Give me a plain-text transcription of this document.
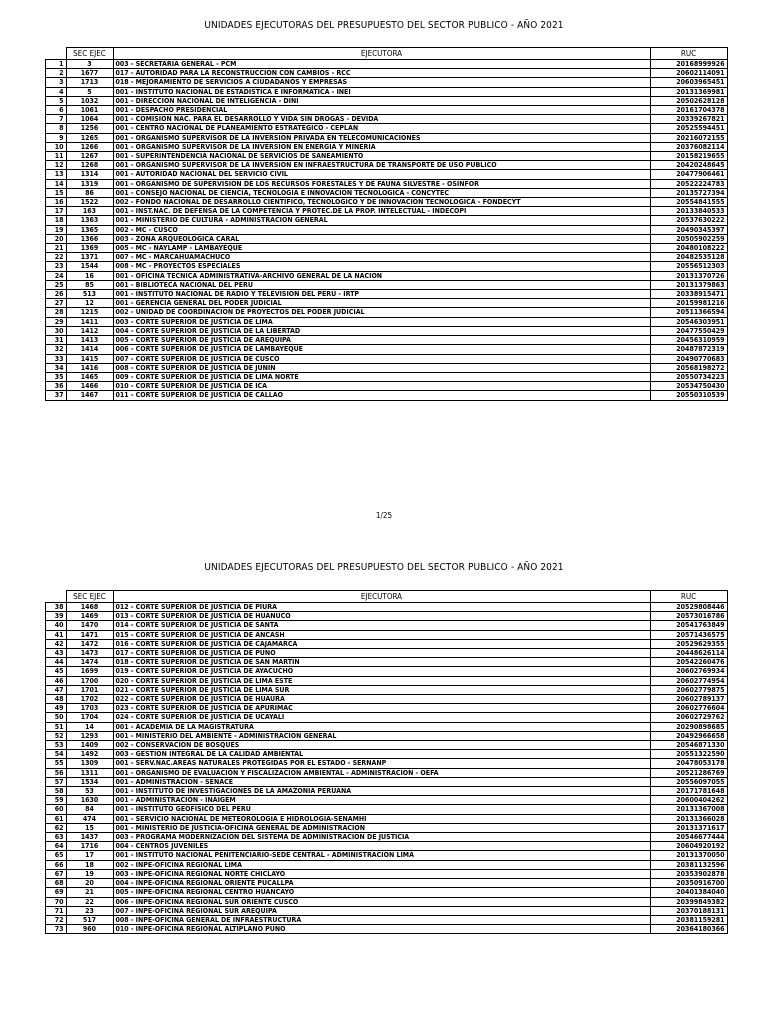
UNIDADES EJECUTORAS DEL PRESUPUESTO DEL SECTOR PUBLICO - AÑO 2021
	SEC EJEC	EJECUTORA	RUC
1	3	003 - SECRETARIA GENERAL - PCM	20168999926
2	1677	017 - AUTORIDAD PARA LA RECONSTRUCCION CON CAMBIOS - RCC	20602114091
3	1713	018 - MEJORAMIENTO DE SERVICIOS A CIUDADANOS Y EMPRESAS	20603965451
4	5	001 - INSTITUTO NACIONAL DE ESTADISTICA E INFORMATICA - INEI	20131369981
5	1032	001 - DIRECCION NACIONAL DE INTELIGENCIA - DINI	20502628128
6	1061	001 - DESPACHO PRESIDENCIAL	20161704378
7	1064	001 - COMISION NAC. PARA EL DESARROLLO Y VIDA SIN DROGAS - DEVIDA	20339267821
8	1256	001 - CENTRO NACIONAL DE PLANEAMIENTO ESTRATEGICO - CEPLAN	20525594451
9	1265	001 - ORGANISMO SUPERVISOR DE LA INVERSION PRIVADA EN TELECOMUNICACIONES	20216072155
10	1266	001 - ORGANISMO SUPERVISOR DE LA INVERSION EN ENERGIA Y MINERIA	20376082114
11	1267	001 - SUPERINTENDENCIA NACIONAL DE SERVICIOS DE SANEAMIENTO	20158219655
12	1268	001 - ORGANISMO SUPERVISOR DE LA INVERSION EN INFRAESTRUCTURA DE TRANSPORTE DE USO PUBLICO	20420248645
13	1314	001 - AUTORIDAD NACIONAL DEL SERVICIO CIVIL	20477906461
14	1319	001 - ORGANISMO DE SUPERVISION DE LOS RECURSOS FORESTALES Y DE FAUNA SILVESTRE - OSINFOR	20522224783
15	86	001 - CONSEJO NACIONAL DE CIENCIA, TECNOLOGIA E INNOVACION TECNOLOGICA - CONCYTEC	20135727394
16	1522	002 - FONDO NACIONAL DE DESARROLLO CIENTIFICO, TECNOLOGICO Y DE INNOVACION TECNOLOGICA - FONDECYT	20554841555
17	163	001 - INST.NAC. DE DEFENSA DE LA COMPETENCIA Y PROTEC.DE LA PROP. INTELECTUAL - INDECOPI	20133840533
18	1363	001 - MINISTERIO DE CULTURA - ADMINISTRACION GENERAL	20537630222
19	1365	002 - MC - CUSCO	20490345397
20	1366	003 - ZONA ARQUEOLOGICA CARAL	20505902259
21	1369	005 - MC - NAYLAMP - LAMBAYEQUE	20480108222
22	1371	007 - MC - MARCAHUAMACHUCO	20482535128
23	1544	008 - MC - PROYECTOS ESPECIALES	20556512303
24	16	001 - OFICINA TECNICA ADMINISTRATIVA-ARCHIVO GENERAL DE LA NACION	20131370726
25	85	001 - BIBLIOTECA NACIONAL DEL PERU	20131379863
26	513	001 - INSTITUTO NACIONAL DE RADIO Y TELEVISION DEL PERU - IRTP	20338915471
27	12	001 - GERENCIA GENERAL DEL PODER JUDICIAL	20159981216
28	1215	002 - UNIDAD DE COORDINACION DE PROYECTOS DEL PODER JUDICIAL	20511366594
29	1411	003 - CORTE SUPERIOR DE JUSTICIA DE LIMA	20546303951
30	1412	004 - CORTE SUPERIOR DE JUSTICIA DE LA LIBERTAD	20477550429
31	1413	005 - CORTE SUPERIOR DE JUSTICIA DE AREQUIPA	20456310959
32	1414	006 - CORTE SUPERIOR DE JUSTICIA DE LAMBAYEQUE	20487872319
33	1415	007 - CORTE SUPERIOR DE JUSTICIA DE CUSCO	20490770683
34	1416	008 - CORTE SUPERIOR DE JUSTICIA DE JUNIN	20568198272
35	1465	009 - CORTE SUPERIOR DE JUSTICIA DE LIMA NORTE	20550734223
36	1466	010 - CORTE SUPERIOR DE JUSTICIA DE ICA	20534750430
37	1467	011 - CORTE SUPERIOR DE JUSTICIA DE CALLAO	20550310539
1/25
UNIDADES EJECUTORAS DEL PRESUPUESTO DEL SECTOR PUBLICO - AÑO 2021
	SEC EJEC	EJECUTORA	RUC
38	1468	012 - CORTE SUPERIOR DE JUSTICIA DE PIURA	20529808446
39	1469	013 - CORTE SUPERIOR DE JUSTICIA DE HUANUCO	20573016786
40	1470	014 - CORTE SUPERIOR DE JUSTICIA DE SANTA	20541763849
41	1471	015 - CORTE SUPERIOR DE JUSTICIA DE ANCASH	20571436575
42	1472	016 - CORTE SUPERIOR DE JUSTICIA DE CAJAMARCA	20529629355
43	1473	017 - CORTE SUPERIOR DE JUSTICIA DE PUNO	20448626114
44	1474	018 - CORTE SUPERIOR DE JUSTICIA DE SAN MARTIN	20542260476
45	1699	019 - CORTE SUPERIOR DE JUSTICIA DE AYACUCHO	20602769934
46	1700	020 - CORTE SUPERIOR DE JUSTICIA DE LIMA ESTE	20602774954
47	1701	021 - CORTE SUPERIOR DE JUSTICIA DE LIMA SUR	20602779875
48	1702	022 - CORTE SUPERIOR DE JUSTICIA DE HUAURA	20602789137
49	1703	023 - CORTE SUPERIOR DE JUSTICIA DE APURIMAC	20602776604
50	1704	024 - CORTE SUPERIOR DE JUSTICIA DE UCAYALI	20602729762
51	14	001 - ACADEMIA DE LA MAGISTRATURA	20290898685
52	1293	001 - MINISTERIO DEL AMBIENTE - ADMINISTRACION GENERAL	20492966658
53	1409	002 - CONSERVACION DE BOSQUES	20546871330
54	1492	003 - GESTION INTEGRAL DE LA CALIDAD AMBIENTAL	20551322590
55	1309	001 - SERV.NAC.AREAS NATURALES PROTEGIDAS POR EL ESTADO - SERNANP	20478053178
56	1311	001 - ORGANISMO DE EVALUACION Y FISCALIZACION AMBIENTAL - ADMINISTRACION - OEFA	20521286769
57	1534	001 - ADMINISTRACION - SENACE	20556097055
58	53	001 - INSTITUTO DE INVESTIGACIONES DE LA AMAZONIA PERUANA	20171781648
59	1630	001 - ADMINISTRACION - INAIGEM	20600404262
60	84	001 - INSTITUTO GEOFISICO DEL PERU	20131367008
61	474	001 - SERVICIO NACIONAL DE METEOROLOGIA E HIDROLOGIA-SENAMHI	20131366028
62	15	001 - MINISTERIO DE JUSTICIA-OFICINA GENERAL DE ADMINISTRACION	20131371617
63	1437	003 - PROGRAMA MODERNIZACION DEL SISTEMA DE ADMINISTRACION DE JUSTICIA	20546677444
64	1716	004 - CENTROS JUVENILES	20604920192
65	17	001 - INSTITUTO NACIONAL PENITENCIARIO-SEDE CENTRAL - ADMINISTRACION LIMA	20131370050
66	18	002 - INPE-OFICINA REGIONAL LIMA	20381132596
67	19	003 - INPE-OFICINA REGIONAL NORTE CHICLAYO	20353902878
68	20	004 - INPE-OFICINA REGIONAL ORIENTE PUCALLPA	20350916700
69	21	005 - INPE-OFICINA REGIONAL CENTRO HUANCAYO	20401384040
70	22	006 - INPE-OFICINA REGIONAL SUR ORIENTE CUSCO	20399849382
71	23	007 - INPE-OFICINA REGIONAL SUR AREQUIPA	20370188131
72	517	008 - INPE-OFICINA GENERAL DE INFRAESTRUCTURA	20381159281
73	960	010 - INPE-OFICINA REGIONAL ALTIPLANO PUNO	20364180366
